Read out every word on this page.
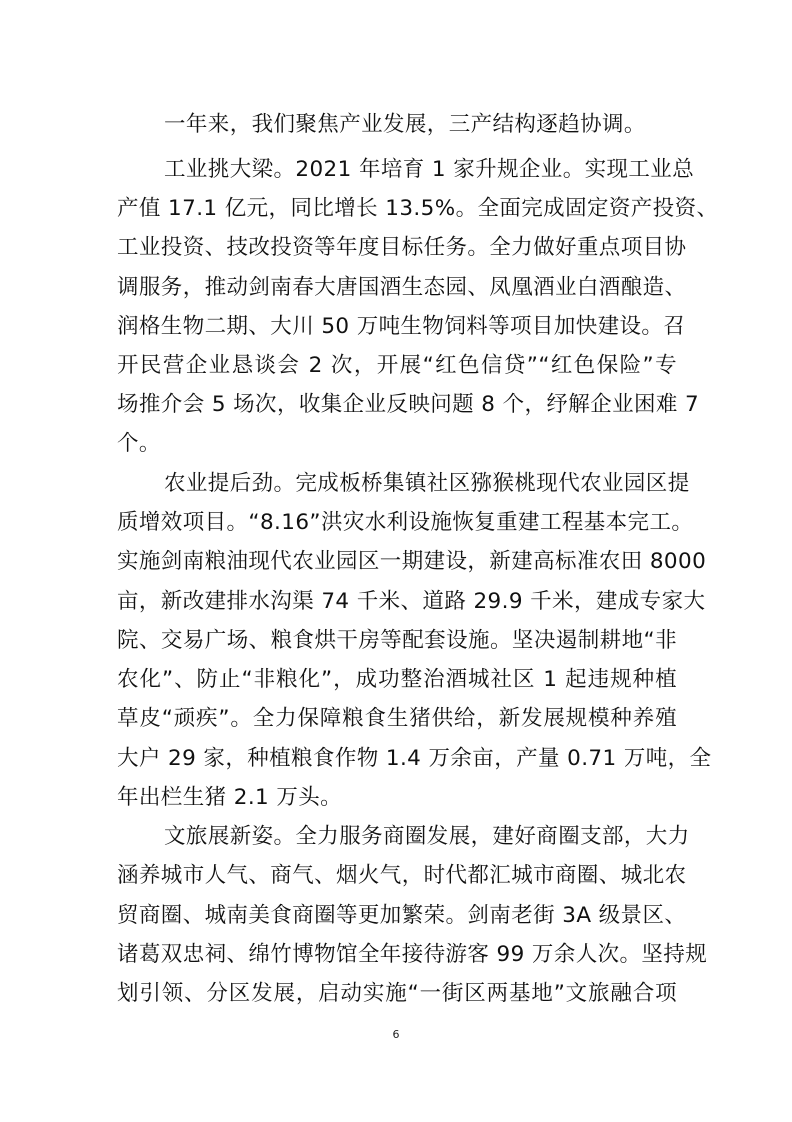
一年来，我们聚焦产业发展，三产结构逐趋协调。
工业挑大梁。2021 年培育 1 家升规企业。实现工业总
产值 17.1 亿元，同比增长 13.5%。全面完成固定资产投资、
工业投资、技改投资等年度目标任务。全力做好重点项目协
调服务，推动剑南春大唐国酒生态园、凤凰酒业白酒酿造、
润格生物二期、大川 50 万吨生物饲料等项目加快建设。召
开民营企业恳谈会 2 次，开展“红色信贷”“红色保险”专
场推介会 5 场次，收集企业反映问题 8 个，纾解企业困难 7
个。
农业提后劲。完成板桥集镇社区猕猴桃现代农业园区提
质增效项目。“8.16”洪灾水利设施恢复重建工程基本完工。
实施剑南粮油现代农业园区一期建设，新建高标准农田 8000
亩，新改建排水沟渠 74 千米、道路 29.9 千米，建成专家大
院、交易广场、粮食烘干房等配套设施。坚决遏制耕地“非
农化”、防止“非粮化”，成功整治酒城社区 1 起违规种植
草皮“顽疾”。全力保障粮食生猪供给，新发展规模种养殖
大户 29 家，种植粮食作物 1.4 万余亩，产量 0.71 万吨，全
年出栏生猪 2.1 万头。
文旅展新姿。全力服务商圈发展，建好商圈支部，大力
涵养城市人气、商气、烟火气，时代都汇城市商圈、城北农
贸商圈、城南美食商圈等更加繁荣。剑南老街 3A 级景区、
诸葛双忠祠、绵竹博物馆全年接待游客 99 万余人次。坚持规
划引领、分区发展，启动实施“一街区两基地”文旅融合项
6
